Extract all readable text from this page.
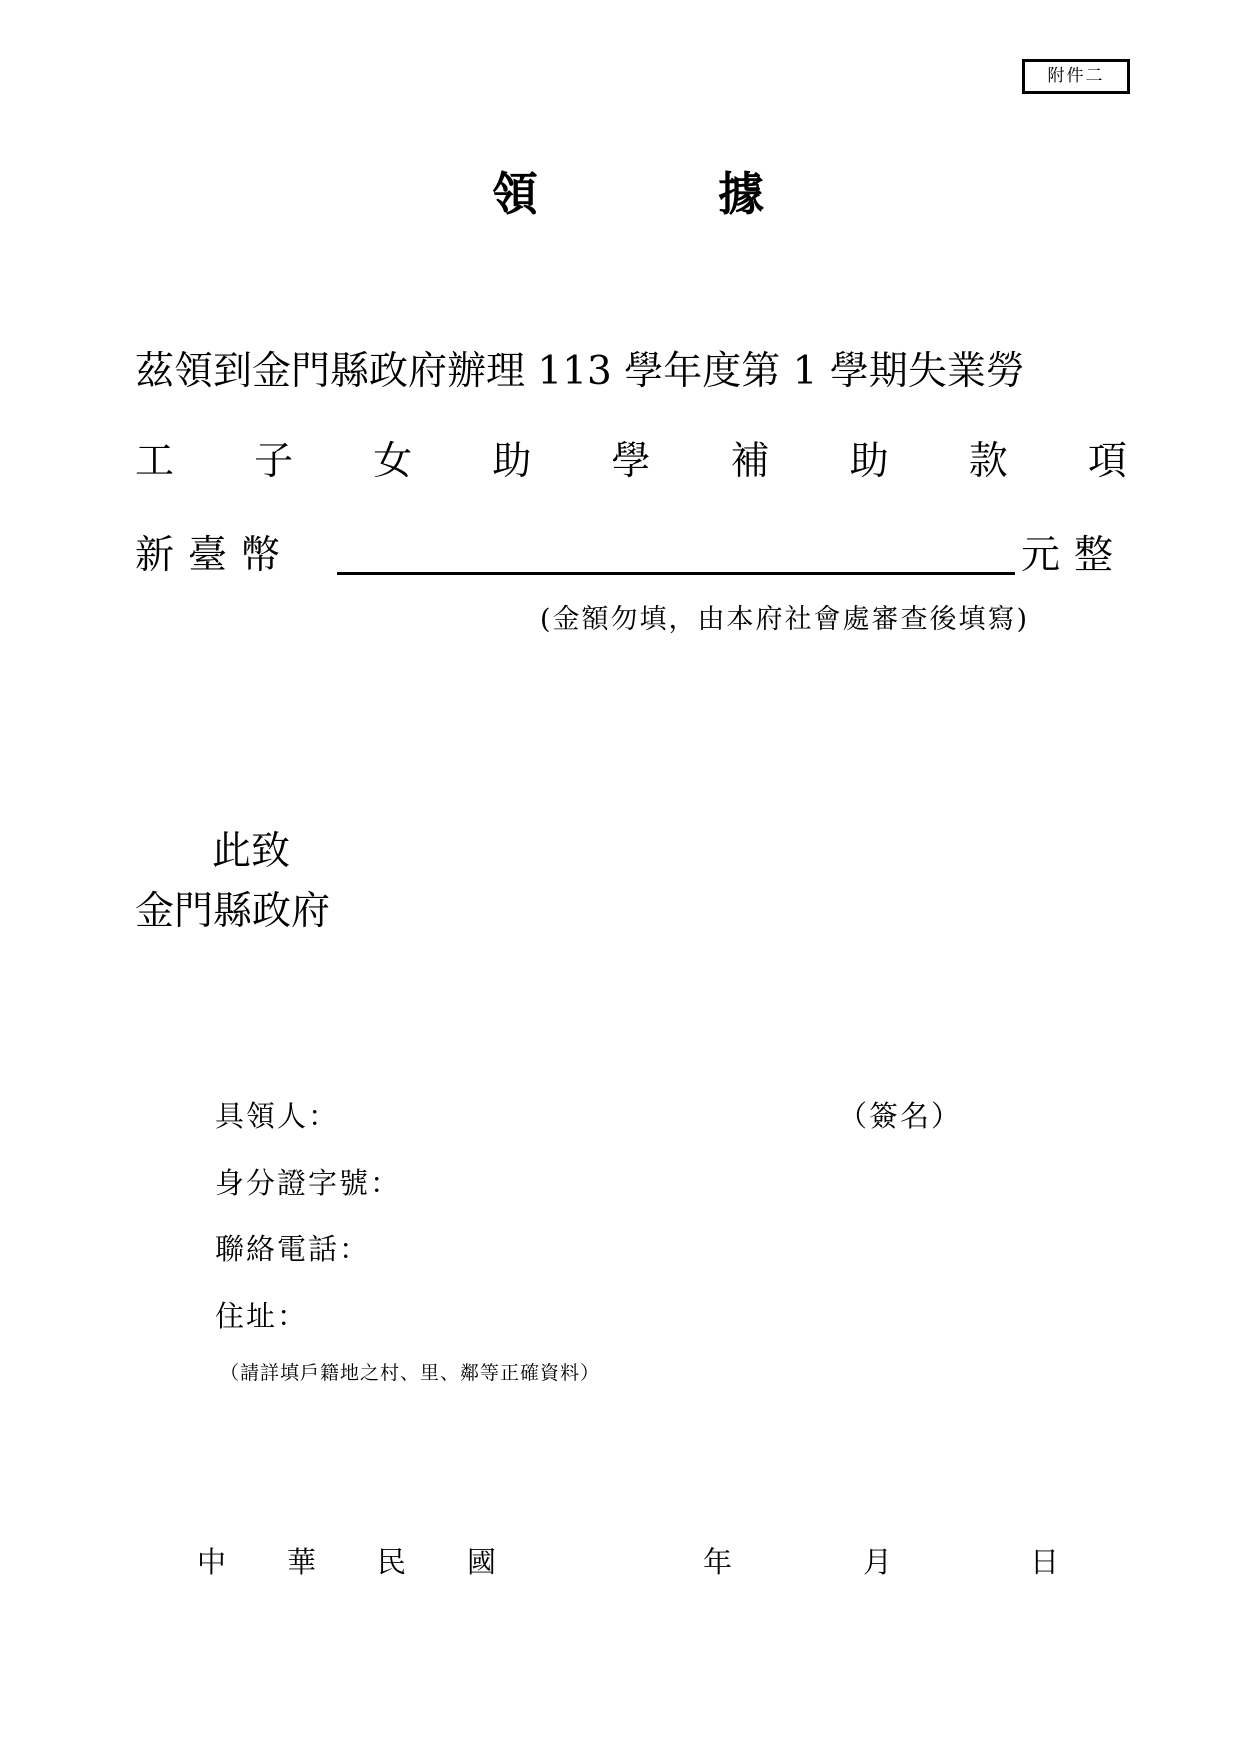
附件二
領	據
茲領到金門縣政府辦理 113 學年度第 1 學期失業勞
工 子 女 助 學 補 助 款 項
新臺幣	元整
(金額勿填，由本府社會處審查後填寫)
此致
金門縣政府
具領人：	（簽名）
身分證字號：
聯絡電話：
住址：
（請詳填戶籍地之村、里、鄰等正確資料）
中 華 民 國	年	月	日
